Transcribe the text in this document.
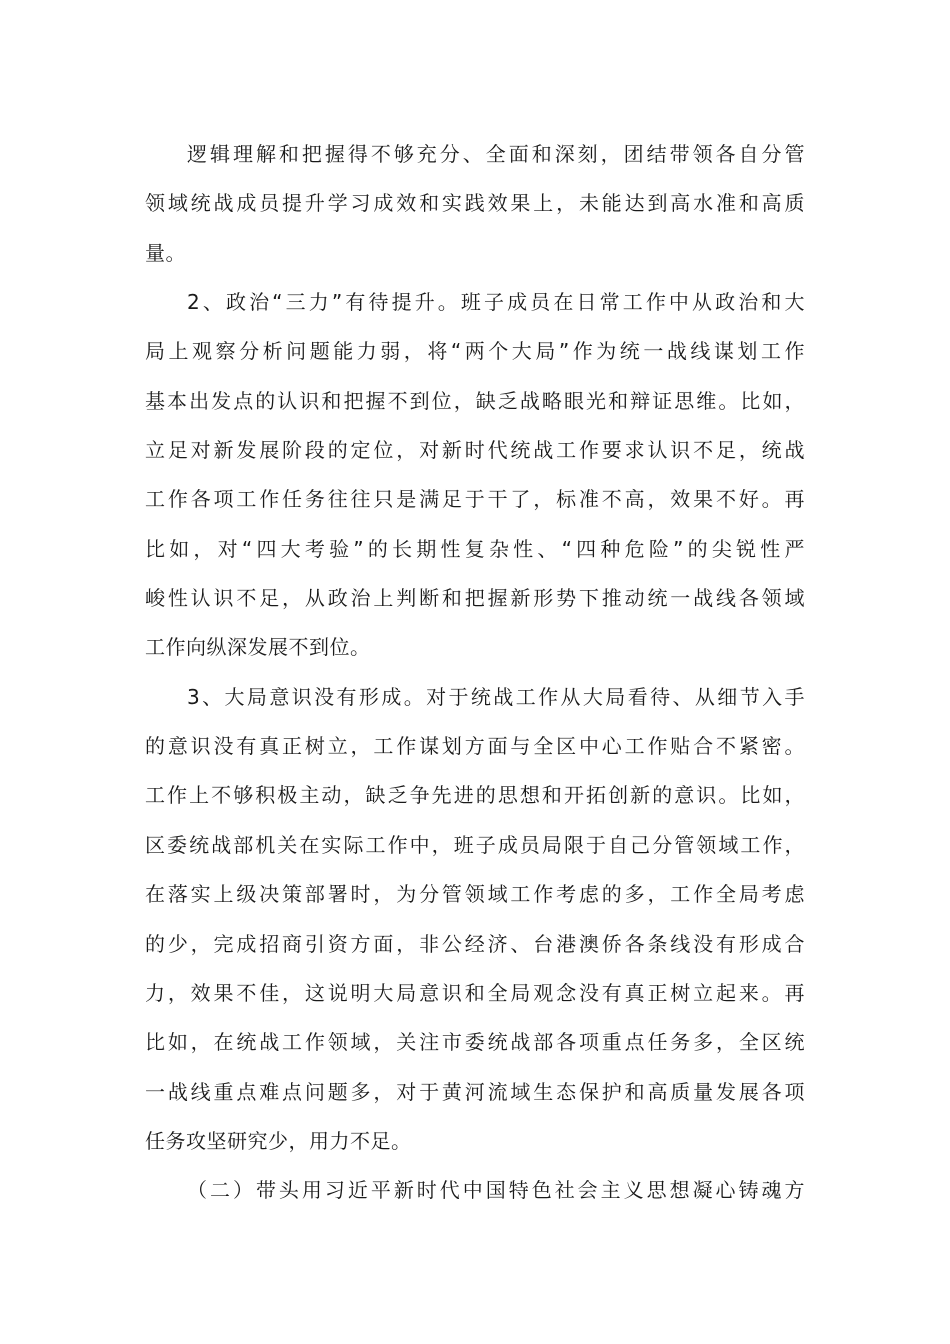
逻辑理解和把握得不够充分、全面和深刻，团结带领各自分管
领域统战成员提升学习成效和实践效果上，未能达到高水准和高质
量。
2、政治“三力”有待提升。班子成员在日常工作中从政治和大
局上观察分析问题能力弱，将“两个大局”作为统一战线谋划工作
基本出发点的认识和把握不到位，缺乏战略眼光和辩证思维。比如，
立足对新发展阶段的定位，对新时代统战工作要求认识不足，统战
工作各项工作任务往往只是满足于干了，标准不高，效果不好。再
比如，对“四大考验”的长期性复杂性、“四种危险”的尖锐性严
峻性认识不足，从政治上判断和把握新形势下推动统一战线各领域
工作向纵深发展不到位。
3、大局意识没有形成。对于统战工作从大局看待、从细节入手
的意识没有真正树立，工作谋划方面与全区中心工作贴合不紧密。
工作上不够积极主动，缺乏争先进的思想和开拓创新的意识。比如，
区委统战部机关在实际工作中，班子成员局限于自己分管领域工作，
在落实上级决策部署时，为分管领域工作考虑的多，工作全局考虑
的少，完成招商引资方面，非公经济、台港澳侨各条线没有形成合
力，效果不佳，这说明大局意识和全局观念没有真正树立起来。再
比如，在统战工作领域，关注市委统战部各项重点任务多，全区统
一战线重点难点问题多，对于黄河流域生态保护和高质量发展各项
任务攻坚研究少，用力不足。
（二）带头用习近平新时代中国特色社会主义思想凝心铸魂方
